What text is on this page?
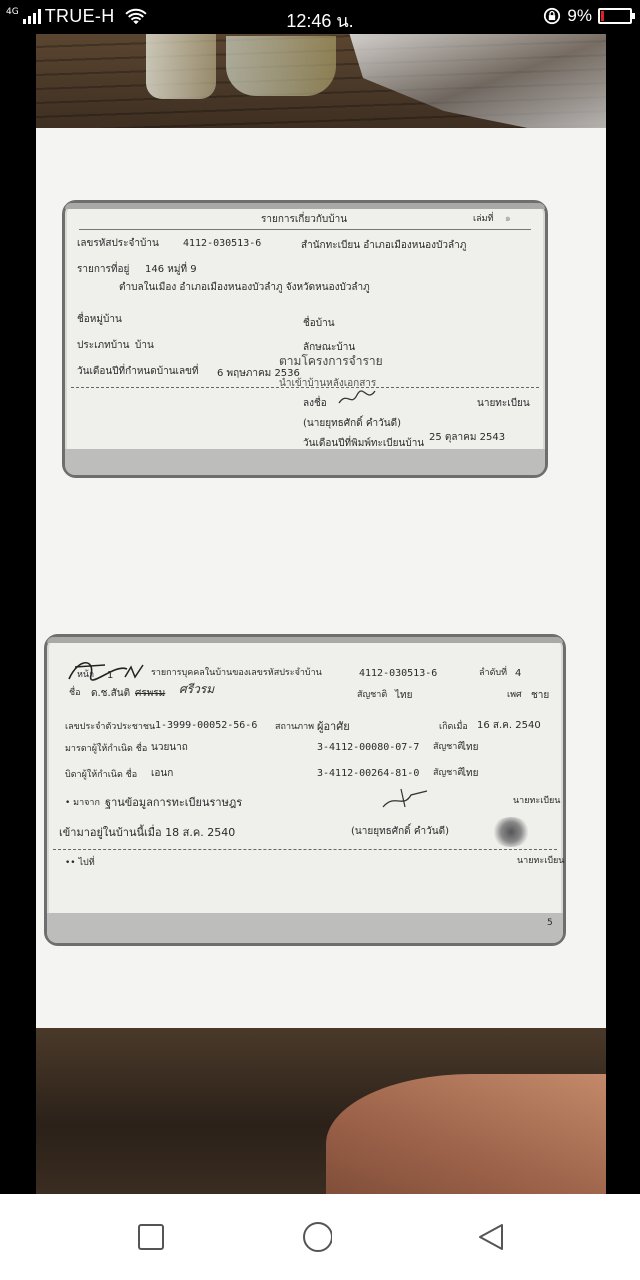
4G TRUE-H	12:46 น.	9%
รายการเกี่ยวกับบ้าน	เล่มที่ ๑
เลขรหัสประจำบ้าน 4112-030513-6	สำนักทะเบียน อำเภอเมืองหนองบัวลำภู
รายการที่อยู่ 146 หมู่ที่ 9
ตำบลในเมือง อำเภอเมืองหนองบัวลำภู จังหวัดหนองบัวลำภู
ชื่อหมู่บ้าน	ชื่อบ้าน
ประเภทบ้าน บ้าน	ลักษณะบ้าน
วันเดือนปีที่กำหนดบ้านเลขที่ 6 พฤษภาคม 2536
ตามโครงการจำราย
นำเข้าบ้านหลังเอกสาร
ลงชื่อ	นายทะเบียน
(นายยุทธศักดิ์ คำวันดี)
วันเดือนปีที่พิมพ์ทะเบียนบ้าน
25 ตุลาคม 2543
หน้า 1	รายการบุคคลในบ้านของเลขรหัสประจำบ้าน	4112-030513-6	ลำดับที่ 4
ชื่อ ด.ช.สันติ ศรพรม ศรีวรม	สัญชาติ ไทย	เพศ ชาย
เลขประจำตัวประชาชน 1-3999-00052-56-6 สถานภาพ ผู้อาศัย	เกิดเมื่อ 16 ส.ค. 2540
มารดาผู้ให้กำเนิด ชื่อ นวยนาถ	3-4112-00080-07-7 สัญชาติ
ไทย
บิดาผู้ให้กำเนิด ชื่อ เอนก	3-4112-00264-81-0 สัญชาติ
ไทย
• มาจาก ฐานข้อมูลการทะเบียนราษฎร	นายทะเบียน
เข้ามาอยู่ในบ้านนี้เมื่อ 18 ส.ค. 2540	(นายยุทธศักดิ์ คำวันดี)
•• ไปที่	นายทะเบียน
5
